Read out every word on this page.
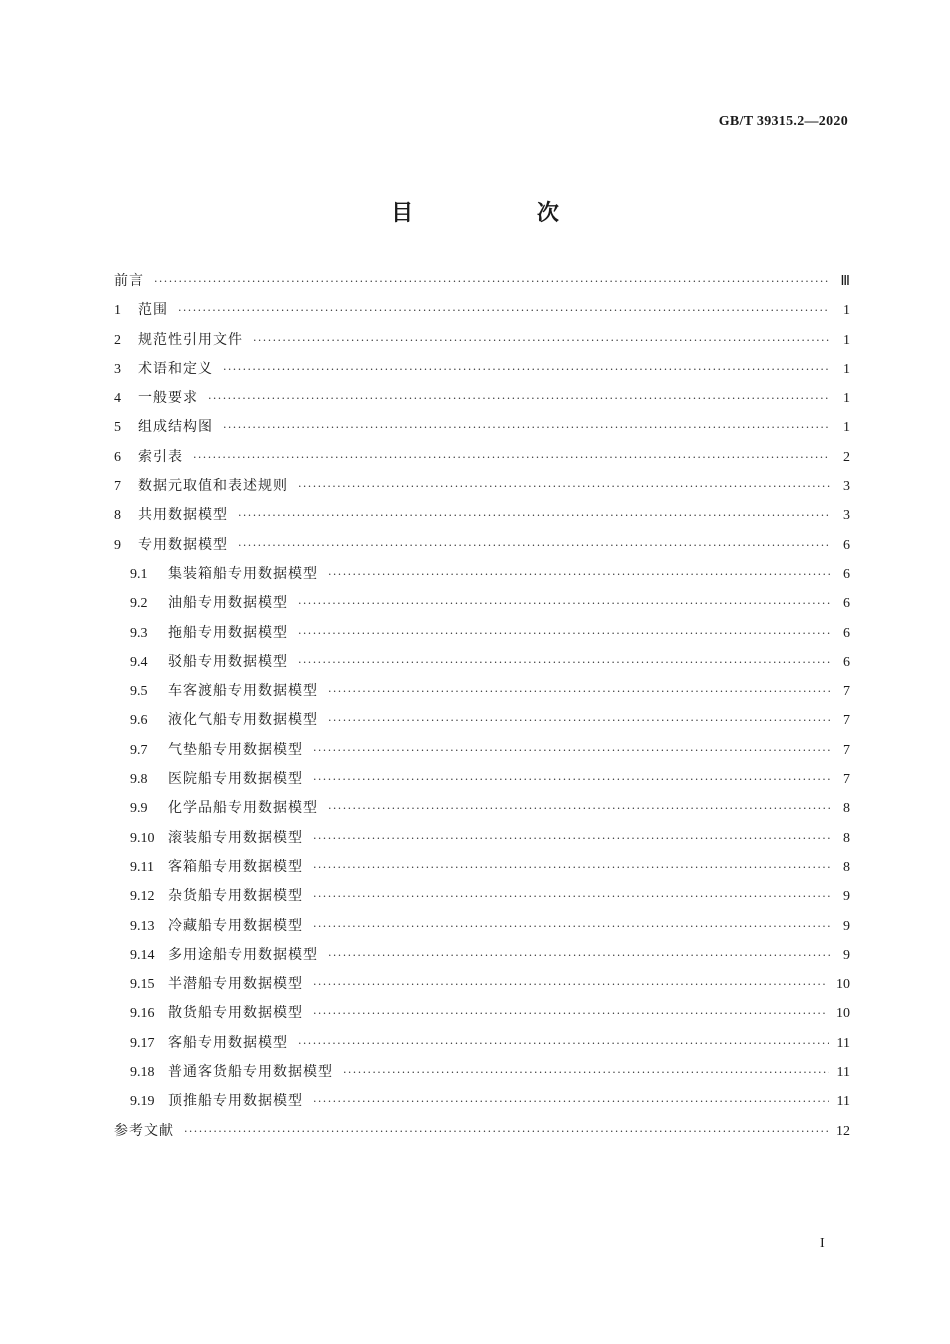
GB/T 39315.2—2020
目 次
前言 ·····	Ⅲ
1	范围 ·····	1
2	规范性引用文件 ·····	1
3	术语和定义 ·····	1
4	一般要求 ·····	1
5	组成结构图 ·····	1
6	索引表 ·····	2
7	数据元取值和表述规则 ·····	3
8	共用数据模型 ·····	3
9	专用数据模型 ·····	6
9.1	集装箱船专用数据模型 ·····	6
9.2	油船专用数据模型 ·····	6
9.3	拖船专用数据模型 ·····	6
9.4	驳船专用数据模型 ·····	6
9.5	车客渡船专用数据模型 ·····	7
9.6	液化气船专用数据模型 ·····	7
9.7	气垫船专用数据模型 ·····	7
9.8	医院船专用数据模型 ·····	7
9.9	化学品船专用数据模型 ·····	8
9.10 滚装船专用数据模型 ·····	8
9.11	客箱船专用数据模型 ·····	8
9.12 杂货船专用数据模型 ·····	9
9.13 冷藏船专用数据模型 ·····	9
9.14 多用途船专用数据模型 ·····	9
9.15 半潜船专用数据模型 ·····	10
9.16 散货船专用数据模型 ·····	10
9.17 客船专用数据模型 ·····	11
9.18 普通客货船专用数据模型 ·····	11
9.19 顶推船专用数据模型 ·····	11
参考文献 ·····	12
I
